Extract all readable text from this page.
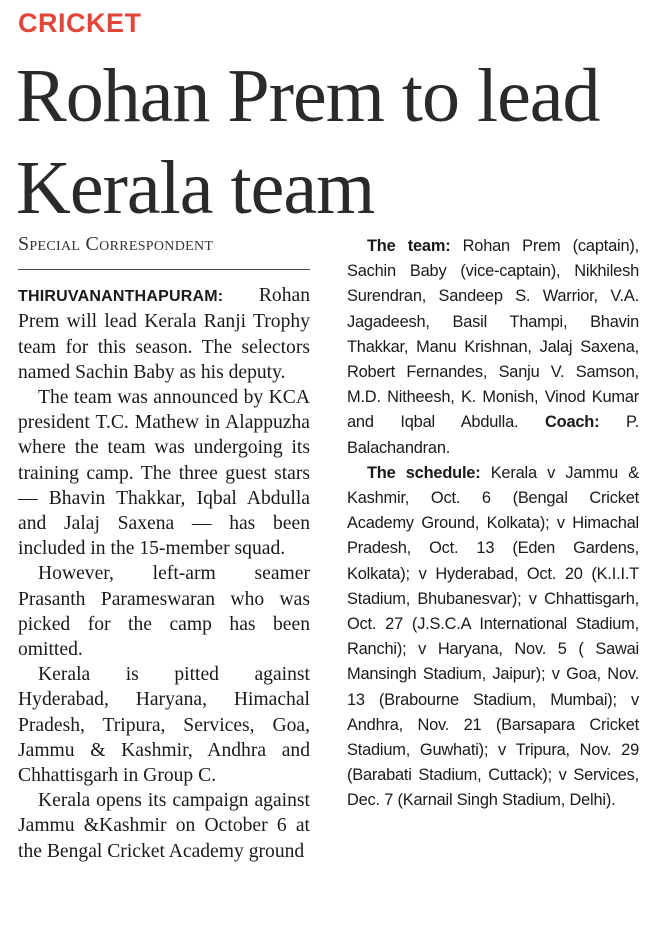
CRICKET
Rohan Prem to lead Kerala team
Special Correspondent

THIRUVANANTHAPURAM: Rohan Prem will lead Kerala Ranji Trophy team for this season. The selectors named Sachin Baby as his deputy.

The team was announced by KCA president T.C. Mathew in Alappuzha where the team was undergoing its training camp. The three guest stars — Bhavin Thakkar, Iqbal Abdulla and Jalaj Saxena — has been included in the 15-member squad.

However, left-arm seamer Prasanth Parameswaran who was picked for the camp has been omitted.

Kerala is pitted against Hyderabad, Haryana, Himachal Pradesh, Tripura, Services, Goa, Jammu & Kashmir, Andhra and Chhattisgarh in Group C.

Kerala opens its campaign against Jammu &Kashmir on October 6 at the Bengal Cricket Academy ground

The team: Rohan Prem (captain), Sachin Baby (vice-captain), Nikhilesh Surendran, Sandeep S. Warrior, V.A. Jagadeesh, Basil Thampi, Bhavin Thakkar, Manu Krishnan, Jalaj Saxena, Robert Fernandes, Sanju V. Samson, M.D. Nitheesh, K. Monish, Vinod Kumar and Iqbal Abdulla. Coach: P. Balachandran.

The schedule: Kerala v Jammu & Kashmir, Oct. 6 (Bengal Cricket Academy Ground, Kolkata); v Himachal Pradesh, Oct. 13 (Eden Gardens, Kolkata); v Hyderabad, Oct. 20 (K.I.I.T Stadium, Bhubanesvar); v Chhattisgarh, Oct. 27 (J.S.C.A International Stadium, Ranchi); v Haryana, Nov. 5 ( Sawai Mansingh Stadium, Jaipur); v Goa, Nov. 13 (Brabourne Stadium, Mumbai); v Andhra, Nov. 21 (Barsapara Cricket Stadium, Guwhati); v Tripura, Nov. 29 (Barabati Stadium, Cuttack); v Services, Dec. 7 (Karnail Singh Stadium, Delhi).
